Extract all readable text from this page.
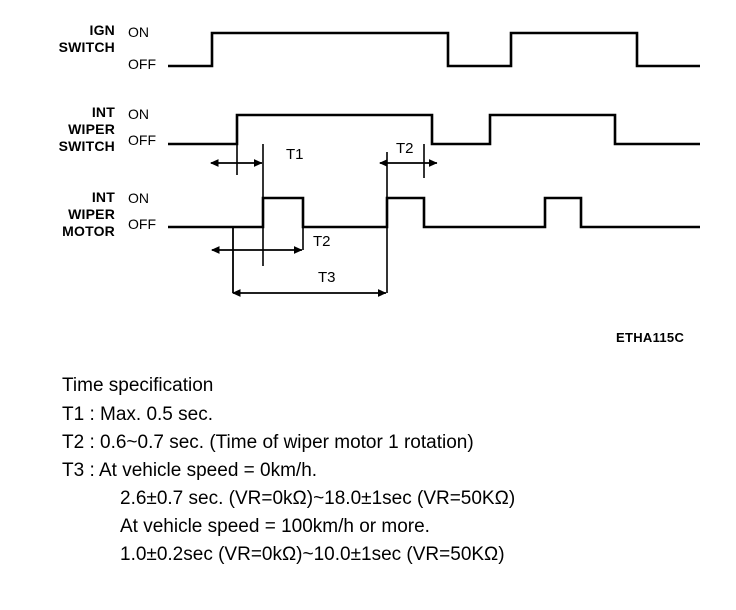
IGN
SWITCH
INT
WIPER
SWITCH
INT
WIPER
MOTOR
ON
OFF
ON
OFF
ON
OFF
T1	T2
T2
T3
ETHA115C
Time specification
T1 : Max. 0.5 sec.
T2 : 0.6~0.7 sec. (Time of wiper motor 1 rotation)
T3 : At vehicle speed = 0km/h.
2.6±0.7 sec. (VR=0kΩ)~18.0±1sec (VR=50KΩ)
At vehicle speed = 100km/h or more.
1.0±0.2sec (VR=0kΩ)~10.0±1sec (VR=50KΩ)
